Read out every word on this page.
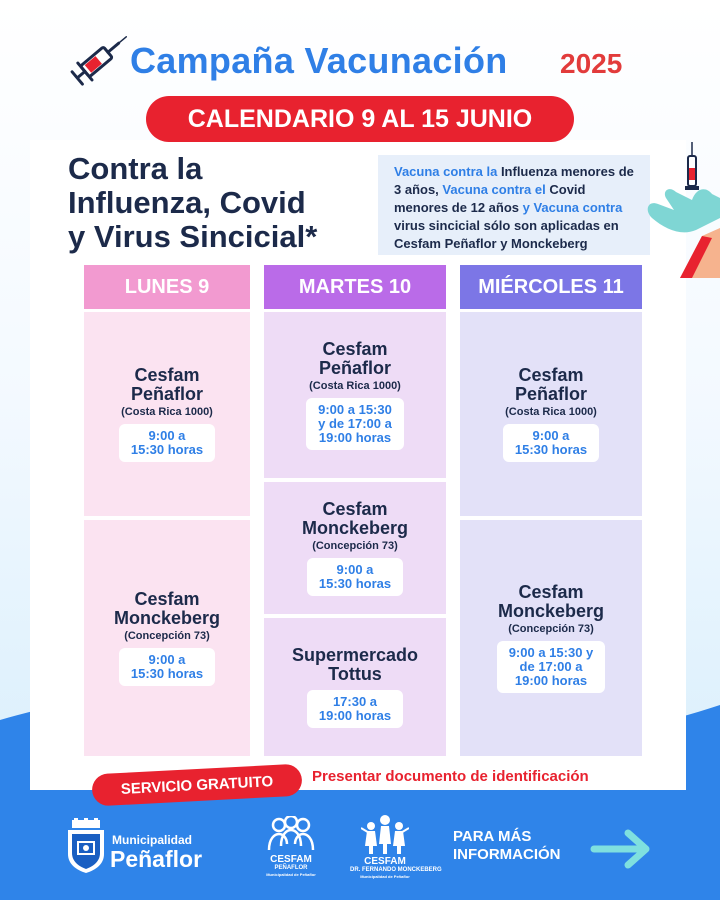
Campaña Vacunación 2025
CALENDARIO 9 AL 15 JUNIO
Contra la
Influenza, Covid
y Virus Sincicial*
Vacuna contra la Influenza menores de 3 años, Vacuna contra el Covid menores de 12 años y Vacuna contra virus sincicial sólo son aplicadas en Cesfam Peñaflor y Monckeberg
LUNES 9
Cesfam
Peñaflor
(Costa Rica 1000)
9:00 a
15:30 horas
Cesfam
Monckeberg
(Concepción 73)
9:00 a
15:30 horas
MARTES 10
Cesfam
Peñaflor
(Costa Rica 1000)
9:00 a 15:30
y de 17:00 a
19:00 horas
Cesfam
Monckeberg
(Concepción 73)
9:00 a
15:30 horas
Supermercado
Tottus
17:30 a
19:00 horas
MIÉRCOLES 11
Cesfam
Peñaflor
(Costa Rica 1000)
9:00 a
15:30 horas
Cesfam
Monckeberg
(Concepción 73)
9:00 a 15:30 y
de 17:00 a
19:00 horas
SERVICIO GRATUITO	Presentar documento de identificación
Municipalidad
Peñaflor	CESFAM
PEÑAFLOR
Municipalidad de Peñaflor
CESFAM
DR. FERNANDO MONCKEBERG
Municipalidad de Peñaflor
PARA MÁS
INFORMACIÓN
